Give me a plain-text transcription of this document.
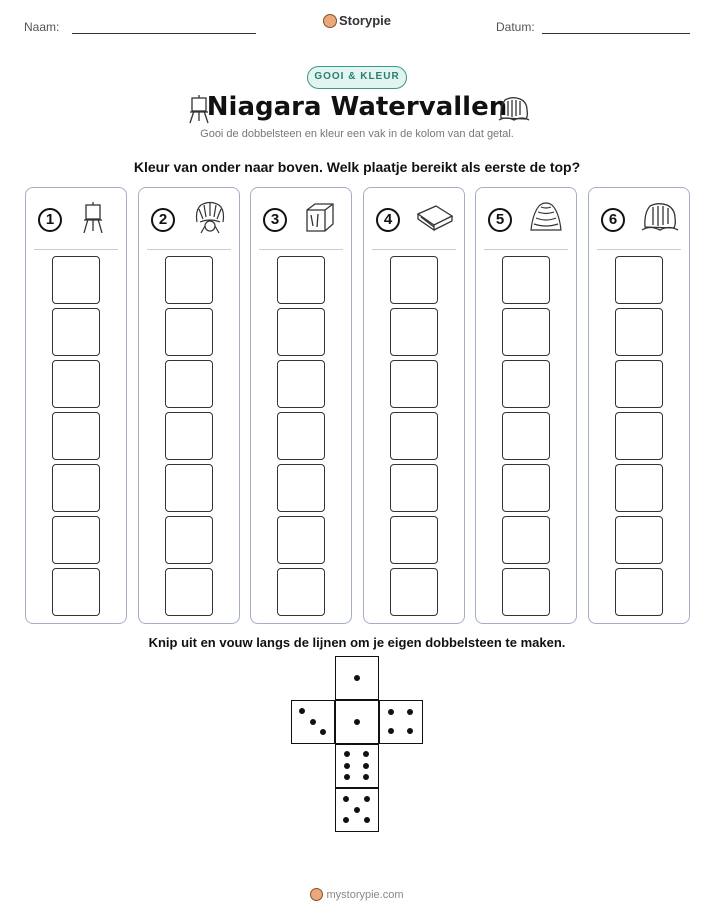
Naam:	Storypie	Datum:
GOOI & KLEUR
Niagara Watervallen
Gooi de dobbelsteen en kleur een vak in de kolom van dat getal.
Kleur van onder naar boven. Welk plaatje bereikt als eerste de top?
1	2	3	4	5	6
Knip uit en vouw langs de lijnen om je eigen dobbelsteen te maken.
mystorypie.com
